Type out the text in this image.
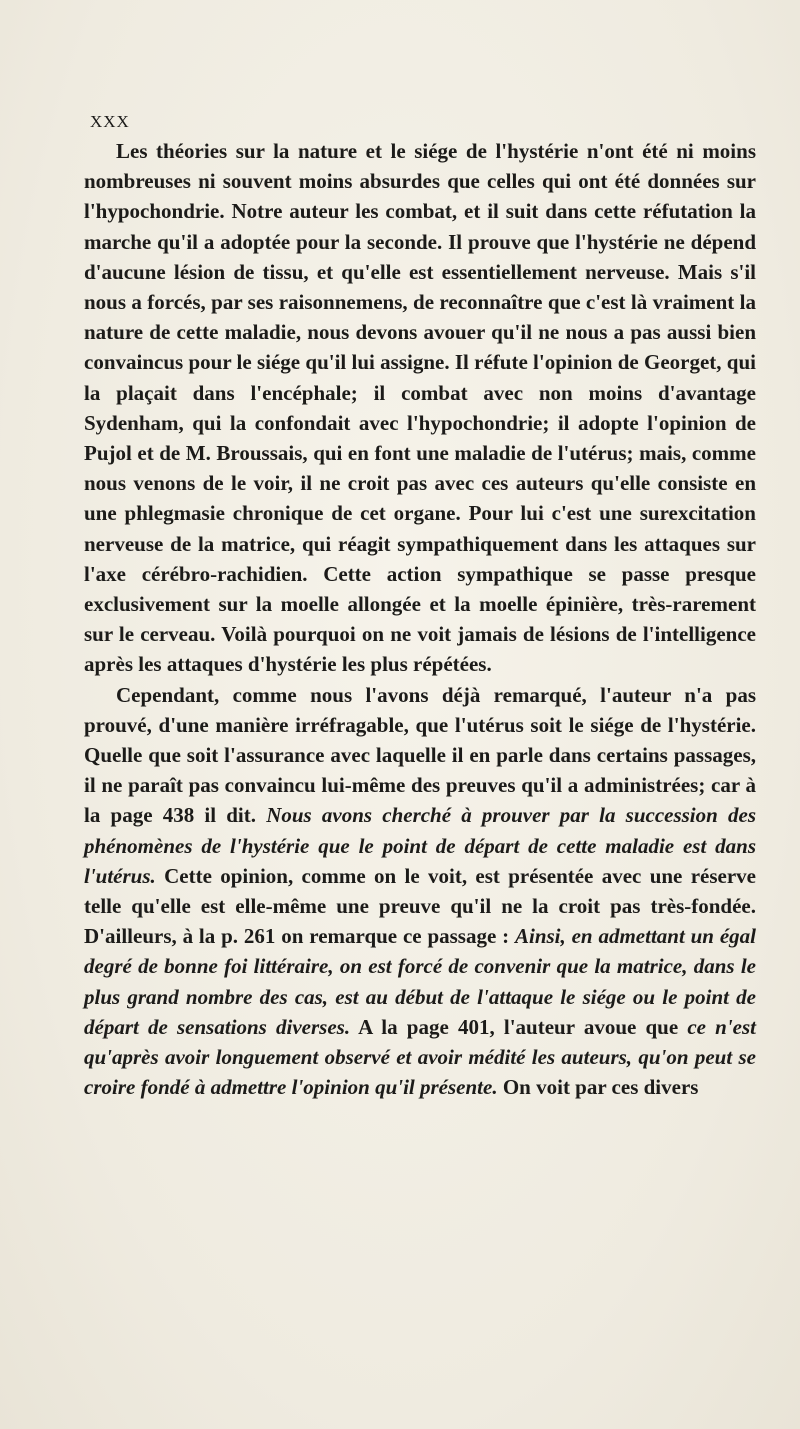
XXX

Les théories sur la nature et le siége de l'hystérie n'ont été ni moins nombreuses ni souvent moins absurdes que celles qui ont été données sur l'hypochondrie. Notre auteur les combat, et il suit dans cette réfutation la marche qu'il a adoptée pour la seconde. Il prouve que l'hystérie ne dépend d'aucune lésion de tissu, et qu'elle est essentiellement nerveuse. Mais s'il nous a forcés, par ses raisonnemens, de reconnaître que c'est là vraiment la nature de cette maladie, nous devons avouer qu'il ne nous a pas aussi bien convaincus pour le siége qu'il lui assigne. Il réfute l'opinion de Georget, qui la plaçait dans l'encéphale; il combat avec non moins d'avantage Sydenham, qui la confondait avec l'hypochondrie; il adopte l'opinion de Pujol et de M. Broussais, qui en font une maladie de l'utérus; mais, comme nous venons de le voir, il ne croit pas avec ces auteurs qu'elle consiste en une phlegmasie chronique de cet organe. Pour lui c'est une surexcitation nerveuse de la matrice, qui réagit sympathiquement dans les attaques sur l'axe cérébro-rachidien. Cette action sympathique se passe presque exclusivement sur la moelle allongée et la moelle épinière, très-rarement sur le cerveau. Voilà pourquoi on ne voit jamais de lésions de l'intelligence après les attaques d'hystérie les plus répétées.

Cependant, comme nous l'avons déjà remarqué, l'auteur n'a pas prouvé, d'une manière irréfragable, que l'utérus soit le siége de l'hystérie. Quelle que soit l'assurance avec laquelle il en parle dans certains passages, il ne paraît pas convaincu lui-même des preuves qu'il a administrées; car à la page 438 il dit. Nous avons cherché à prouver par la succession des phénomènes de l'hystérie que le point de départ de cette maladie est dans l'utérus. Cette opinion, comme on le voit, est présentée avec une réserve telle qu'elle est elle-même une preuve qu'il ne la croit pas très-fondée. D'ailleurs, à la p. 261 on remarque ce passage : Ainsi, en admettant un égal degré de bonne foi littéraire, on est forcé de convenir que la matrice, dans le plus grand nombre des cas, est au début de l'attaque le siége ou le point de départ de sensations diverses. A la page 401, l'auteur avoue que ce n'est qu'après avoir longuement observé et avoir médité les auteurs, qu'on peut se croire fondé à admettre l'opinion qu'il présente. On voit par ces divers
